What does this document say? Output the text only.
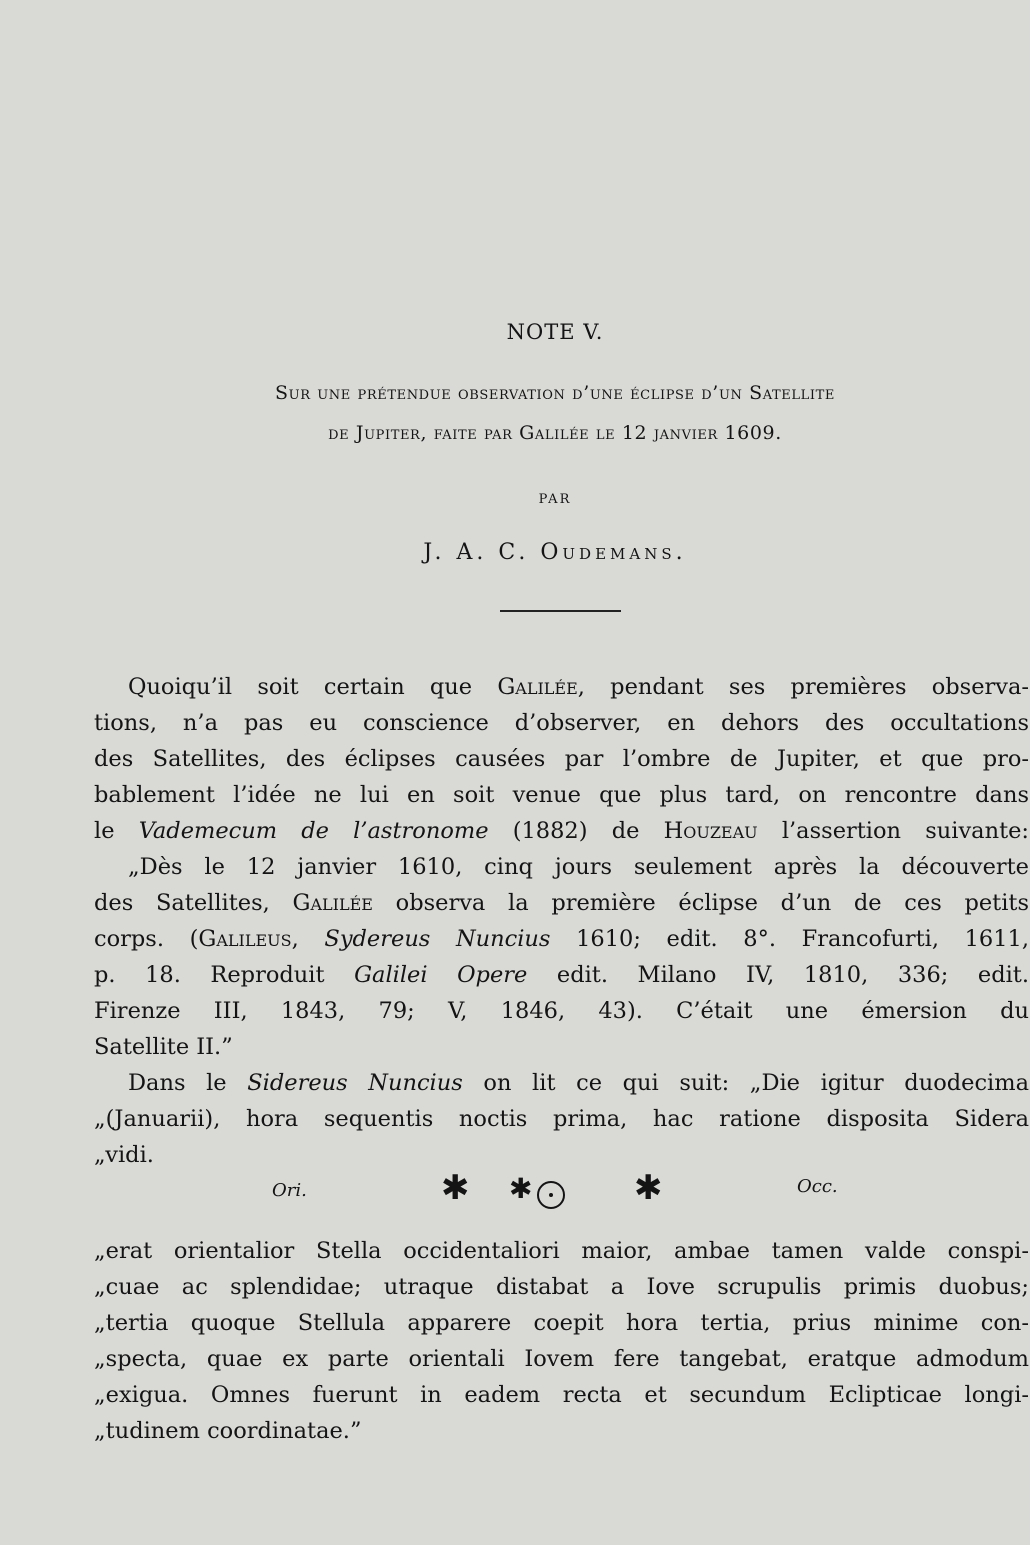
NOTE V.
Sur une prétendue observation d’une éclipse d’un Satellite
de Jupiter, faite par Galilée le 12 janvier 1609.
PAR
J. A. C. Oudemans.
Quoiqu’il soit certain que Galilée, pendant ses premières observa-
tions, n’a pas eu conscience d’observer, en dehors des occultations
des Satellites, des éclipses causées par l’ombre de Jupiter, et que pro-
bablement l’idée ne lui en soit venue que plus tard, on rencontre dans
le Vademecum de l’astronome (1882) de Houzeau l’assertion suivante:
„Dès le 12 janvier 1610, cinq jours seulement après la découverte
des Satellites, Galilée observa la première éclipse d’un de ces petits
corps. (Galileus, Sydereus Nuncius 1610; edit. 8°. Francofurti, 1611,
p. 18. Reproduit Galilei Opere edit. Milano IV, 1810, 336; edit.
Firenze III, 1843, 79; V, 1846, 43). C’était une émersion du
Satellite II.”
Dans le Sidereus Nuncius on lit ce qui suit: „Die igitur duodecima
„(Januarii), hora sequentis noctis prima, hac ratione disposita Sidera
„vidi.
Ori.	✱ ✱	✱	Occ.
„erat orientalior Stella occidentaliori maior, ambae tamen valde conspi-
„cuae ac splendidae; utraque distabat a Iove scrupulis primis duobus;
„tertia quoque Stellula apparere coepit hora tertia, prius minime con-
„specta, quae ex parte orientali Iovem fere tangebat, eratque admodum
„exigua. Omnes fuerunt in eadem recta et secundum Eclipticae longi-
„tudinem coordinatae.”
